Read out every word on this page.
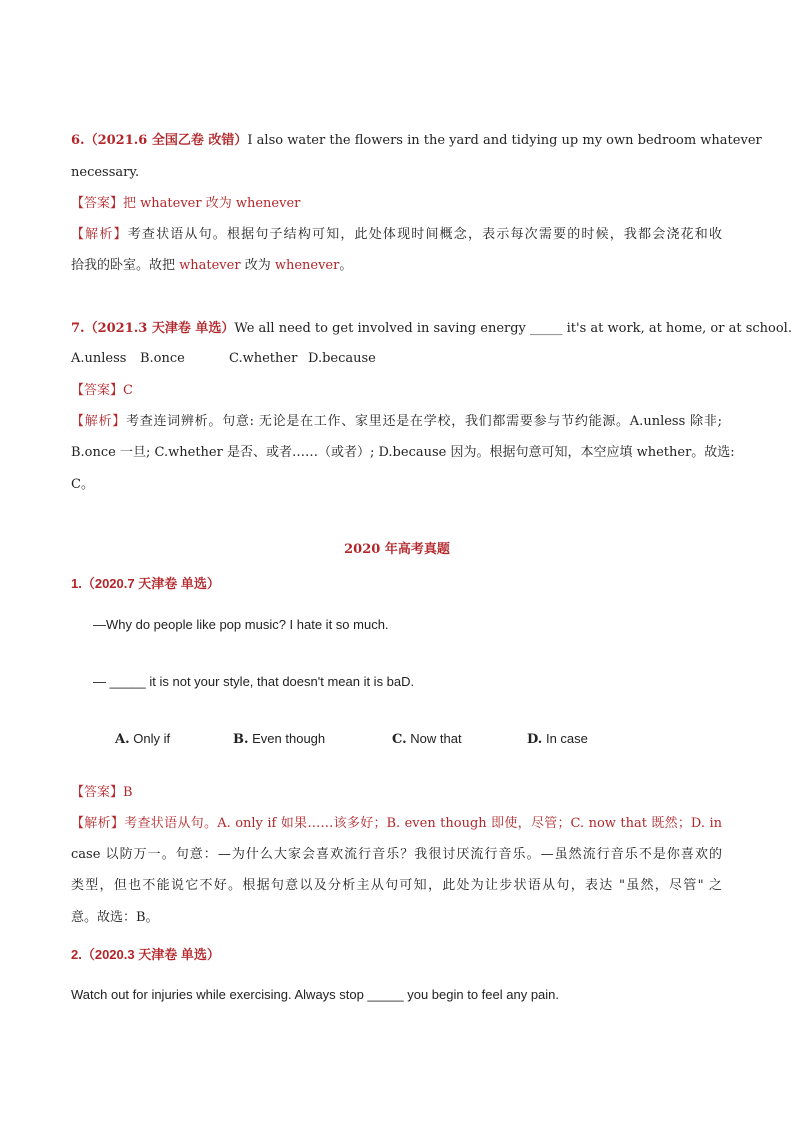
6.（2021.6 全国乙卷 改错）I also water the flowers in the yard and tidying up my own bedroom whatever
necessary.
【答案】把 whatever 改为 whenever
【解析】考查状语从句。根据句子结构可知，此处体现时间概念，表示每次需要的时候，我都会浇花和收
拾我的卧室。故把 whatever 改为 whenever。
7.（2021.3 天津卷 单选）We all need to get involved in saving energy _____ it's at work, at home, or at school.
A.unless B.once	C.whether D.because
【答案】C
【解析】考查连词辨析。句意: 无论是在工作、家里还是在学校，我们都需要参与节约能源。A.unless 除非;
B.once 一旦; C.whether 是否、或者……（或者）; D.because 因为。根据句意可知，本空应填 whether。故选:
C。
2020 年高考真题
1.（2020.7 天津卷 单选）
—Why do people like pop music? I hate it so much.
— _____ it is not your style, that doesn't mean it is baD.
A. Only if	B. Even though	C. Now that	D. In case
【答案】B
【解析】考查状语从句。A. only if 如果……该多好；B. even though 即使，尽管；C. now that 既然；D. in
case 以防万一。句意：—为什么大家会喜欢流行音乐？我很讨厌流行音乐。—虽然流行音乐不是你喜欢的
类型，但也不能说它不好。根据句意以及分析主从句可知，此处为让步状语从句，表达 "虽然，尽管" 之
意。故选：B。
2.（2020.3 天津卷 单选）
Watch out for injuries while exercising. Always stop _____ you begin to feel any pain.
